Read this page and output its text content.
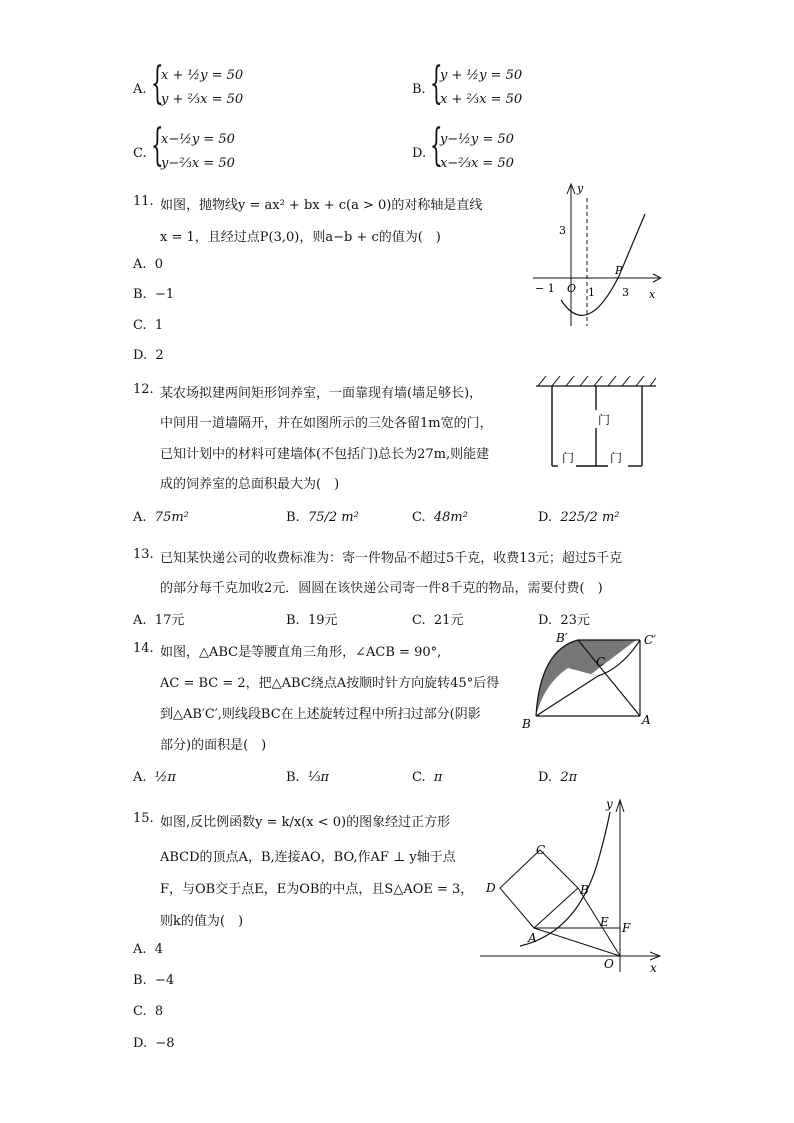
A. {
x + ½y = 50
y + ⅔x = 50
B. {
y + ½y = 50
x + ⅔x = 50
C. {
x−½y = 50
y−⅔x = 50
D. {
y−½y = 50
x−⅔x = 50
11. 如图，抛物线y = ax² + bx + c(a > 0)的对称轴是直线
x = 1，且经过点P(3,0)，则a−b + c的值为(　)
A. 0
B. −1
C. 1
D. 2
y
x
3
− 1 O 1
P
3
12. 某农场拟建两间矩形饲养室，一面靠现有墙(墙足够长)，
中间用一道墙隔开，并在如图所示的三处各留1m宽的门，
已知计划中的材料可建墙体(不包括门)总长为27m,则能建
成的饲养室的总面积最大为(　)
A. 75m²	B. 75/2 m²	C. 48m²	D. 225/2 m²
门
门	门
13. 已知某快递公司的收费标准为：寄一件物品不超过5千克，收费13元；超过5千克
的部分每千克加收2元．圆圆在该快递公司寄一件8千克的物品，需要付费(　)
A. 17元	B. 19元	C. 21元	D. 23元
14. 如图，△ABC是等腰直角三角形，∠ACB = 90°,
AC = BC = 2，把△ABC绕点A按顺时针方向旋转45°后得
到△AB′C′,则线段BC在上述旋转过程中所扫过部分(阴影
部分)的面积是(　)
A. ½π	B. ⅓π	C. π	D. 2π
B′	C′
C
B	A
15. 如图,反比例函数y = k/x(x < 0)的图象经过正方形
ABCD的顶点A，B,连接AO，BO,作AF ⊥ y轴于点
F，与OB交于点E，E为OB的中点，且S△AOE = 3，
则k的值为(　)
A. 4
B. −4
C. 8
D. −8
C
D	B
E F
A
O
y
x
